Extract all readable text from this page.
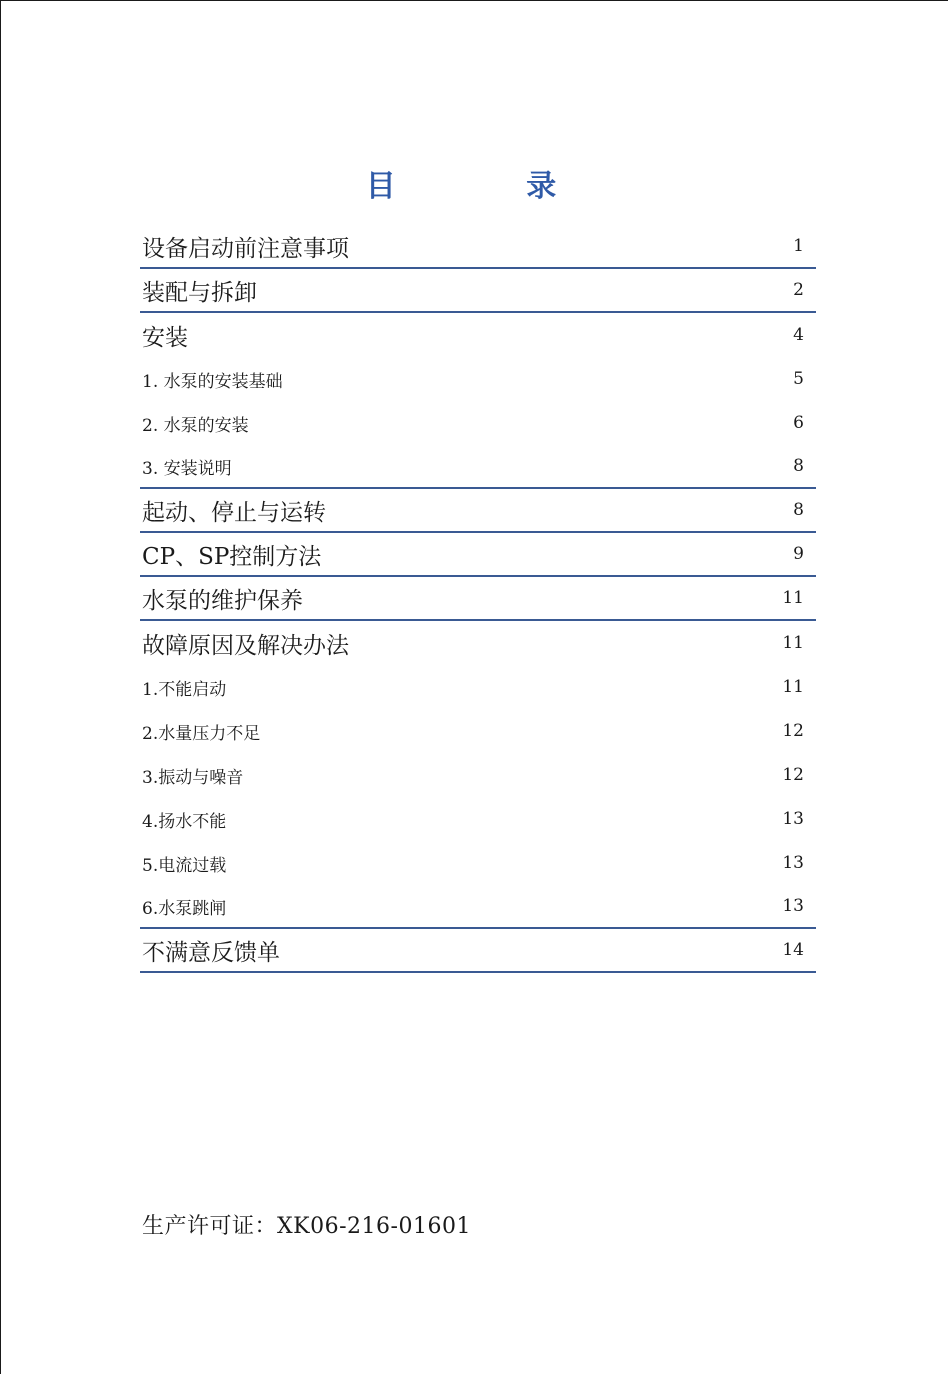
目 录
设备启动前注意事项	1
装配与拆卸	2
安装	4
1. 水泵的安装基础	5
2. 水泵的安装	6
3. 安装说明	8
起动、停止与运转	8
CP、SP控制方法	9
水泵的维护保养	11
故障原因及解决办法	11
1.不能启动	11
2.水量压力不足	12
3.振动与噪音	12
4.扬水不能	13
5.电流过载	13
6.水泵跳闸	13
不满意反馈单	14
生产许可证：XK06-216-01601
